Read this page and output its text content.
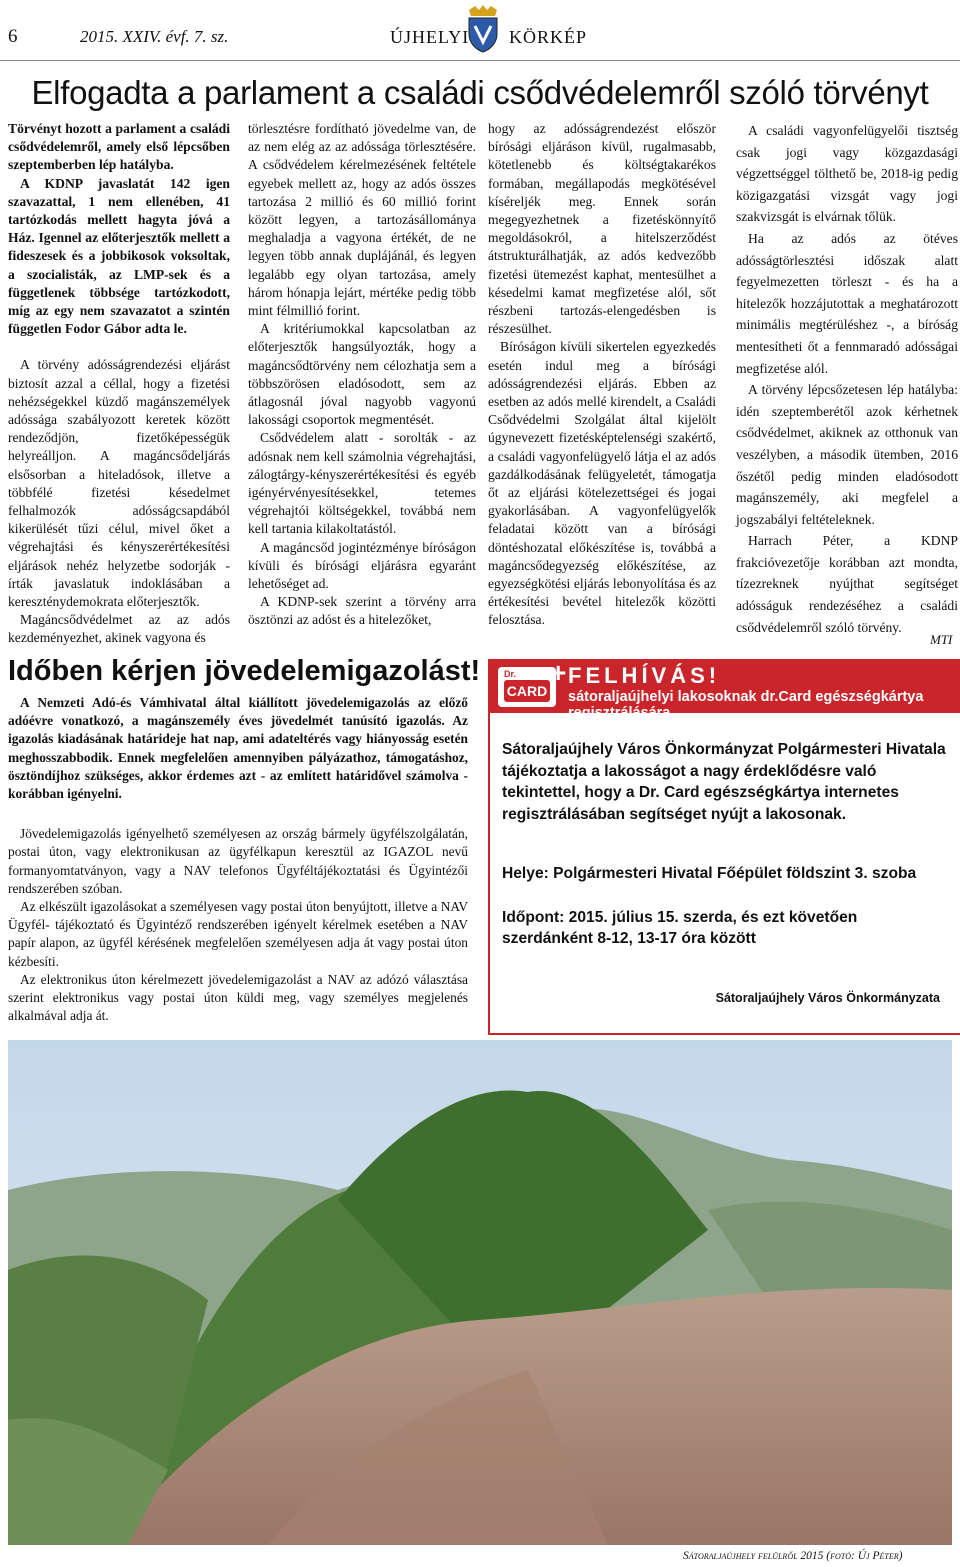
6	2015. XXIV. évf. 7. sz.	ÚJHELYI KÖRKÉP
Elfogadta a parlament a családi csődvédelemről szóló törvényt

Törvényt hozott a parlament a családi csődvédelemről, amely első lépcsőben szeptemberben lép hatályba.

A KDNP javaslatát 142 igen szavazattal, 1 nem ellenében, 41 tartózkodás mellett hagyta jóvá a Ház. Igennel az előterjesztők mellett a fideszesek és a jobbikosok voksoltak, a szocialisták, az LMP-sek és a függetlenek többsége tartózkodott, míg az egy nem szavazatot a szintén független Fodor Gábor adta le.

A törvény adósságrendezési eljárást biztosít azzal a céllal, hogy a fizetési nehézségekkel küzdő magánszemélyek adóssága szabályozott keretek között rendeződjön, fizetőképességük helyreálljon. A magáncsődeljárás elsősorban a hiteladósok, illetve a többfélé fizetési késedelmet felhalmozók adósságcsapdából kikerülését tűzi célul, mivel őket a végrehajtási és kényszerértékesítési eljárások nehéz helyzetbe sodorják - írták javaslatuk indoklásában a kereszténydemokrata előterjesztők.

Magáncsődvédelmet az az adós kezdeményezhet, akinek vagyona és

törlesztésre fordítható jövedelme van, de az nem elég az az adóssága törlesztésére. A csődvédelem kérelmezésének feltétele egyebek mellett az, hogy az adós összes tartozása 2 millió és 60 millió forint között legyen, a tartozásállománya meghaladja a vagyona értékét, de ne legyen több annak duplájánál, és legyen legalább egy olyan tartozása, amely három hónapja lejárt, mértéke pedig több mint félmillió forint.

A kritériumokkal kapcsolatban az előterjesztők hangsúlyozták, hogy a magáncsődtörvény nem célozhatja sem a többszörösen eladósodott, sem az átlagosnál jóval nagyobb vagyonú lakossági csoportok megmentését.

Csődvédelem alatt - sorolták - az adósnak nem kell számolnia végrehajtási, zálogtárgy-kényszerértékesítési és egyéb igényérvényesítésekkel, tetemes végrehajtói költségekkel, továbbá nem kell tartania kilakoltatástól.

A magáncsőd jogintézménye bíróságon kívüli és bírósági eljárásra egyaránt lehetőséget ad.

A KDNP-sek szerint a törvény arra ösztönzi az adóst és a hitelezőket,

hogy az adósságrendezést először bírósági eljáráson kívül, rugalmasabb, kötetlenebb és költségtakarékos formában, megállapodás megkötésével kíséreljék meg. Ennek során megegyezhetnek a fizetéskönnyítő megoldásokról, a hitelszerződést átstrukturálhatják, az adós kedvezőbb fizetési ütemezést kaphat, mentesülhet a késedelmi kamat megfizetése alól, sőt részbeni tartozás-elengedésben is részesülhet.

Bíróságon kívüli sikertelen egyezkedés esetén indul meg a bírósági adósságrendezési eljárás. Ebben az esetben az adós mellé kirendelt, a Családi Csődvédelmi Szolgálat által kijelölt úgynevezett fizetésképtelenségi szakértő, a családi vagyonfelügyelő látja el az adós gazdálkodásának felügyeletét, támogatja őt az eljárási kötelezettségei és jogai gyakorlásában. A vagyonfelügyelők feladatai között van a bírósági döntéshozatal előkészítése is, továbbá a magáncsődegyezség előkészítése, az egyezségkötési eljárás lebonyolítása és az értékesítési bevétel hitelezők közötti felosztása.

A családi vagyonfelügyelői tisztség csak jogi vagy közgazdasági végzettséggel tölthető be, 2018-ig pedig közigazgatási vizsgát vagy jogi szakvizsgát is elvárnak tőlük.

Ha az adós az ötéves adósságtörlesztési időszak alatt fegyelmezetten törleszt - és ha a hitelezők hozzájutottak a meghatározott minimális megtérüléshez -, a bíróság mentesítheti őt a fennmaradó adósságai megfizetése alól.

A törvény lépcsőzetesen lép hatályba: idén szeptemberétől azok kérhetnek csődvédelmet, akiknek az otthonuk van veszélyben, a második ütemben, 2016 őszétől pedig minden eladósodott magánszemély, aki megfelel a jogszabályi feltételeknek.

Harrach Péter, a KDNP frakcióvezetője korábban azt mondta, tízezreknek nyújthat segítséget adósságuk rendezéséhez a családi csődvédelemről szóló törvény.

MTI
Időben kérjen jövedelemigazolást!

A Nemzeti Adó-és Vámhivatal által kiállított jövedelemigazolás az előző adóévre vonatkozó, a magánszemély éves jövedelmét tanúsító igazolás. Az igazolás kiadásának határideje hat nap, ami adateltérés vagy hiányosság esetén meghosszabbodik. Ennek megfelelően amennyiben pályázathoz, támogatáshoz, ösztöndíjhoz szükséges, akkor érdemes azt - az említett határidővel számolva - korábban igényelni.

Jövedelemigazolás igényelhető személyesen az ország bármely ügyfélszolgálatán, postai úton, vagy elektronikusan az ügyfélkapun keresztül az IGAZOL nevű formanyomtatványon, vagy a NAV telefonos Ügyféltájékoztatási és Ügyintézői rendszerében szóban.

Az elkészült igazolásokat a személyesen vagy postai úton benyújtott, illetve a NAV Ügyfél- tájékoztató és Ügyintéző rendszerében igényelt kérelmek esetében a NAV papír alapon, az ügyfél kérésének megfelelően személyesen adja át vagy postai úton kézbesíti.

Az elektronikus úton kérelmezett jövedelemigazolást a NAV az adózó választása szerint elektronikus vagy postai úton küldi meg, vagy személyes megjelenés alkalmával adja át.

Dr.
CARD
+ FELHÍVÁS!
sátoraljaújhelyi lakosoknak dr.Card egészségkártya regisztrálására
Sátoraljaújhely Város Önkormányzat Polgármesteri Hivatala tájékoztatja a lakosságot a nagy érdeklődésre való tekintettel, hogy a Dr. Card egészségkártya internetes regisztrálásában segítséget nyújt a lakosonak.
Helye: Polgármesteri Hivatal Főépület földszint 3. szoba
Időpont: 2015. július 15. szerda, és ezt követően szerdánként 8-12, 13-17 óra között
Sátoraljaújhely Város Önkormányzata
Sátoraljaújhely felülről 2015 (fotó: Új Péter)
